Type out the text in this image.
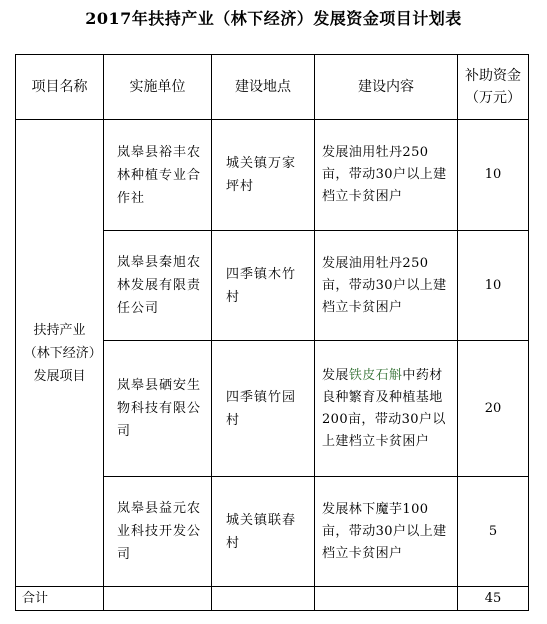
2017年扶持产业（林下经济）发展资金项目计划表
项目名称	实施单位	建设地点	建设内容	补助资金（万元）
扶持产业（林下经济）发展项目	岚皋县裕丰农林种植专业合作社	城关镇万家坪村	发展油用牡丹250亩，带动30户以上建档立卡贫困户	10
	岚皋县秦旭农林发展有限责任公司	四季镇木竹村	发展油用牡丹250亩，带动30户以上建档立卡贫困户	10
	岚皋县硒安生物科技有限公司	四季镇竹园村	发展铁皮石斛中药材良种繁育及种植基地200亩，带动30户以上建档立卡贫困户	20
	岚皋县益元农业科技开发公司	城关镇联春村	发展林下魔芋100亩，带动30户以上建档立卡贫困户	5
合计				45
